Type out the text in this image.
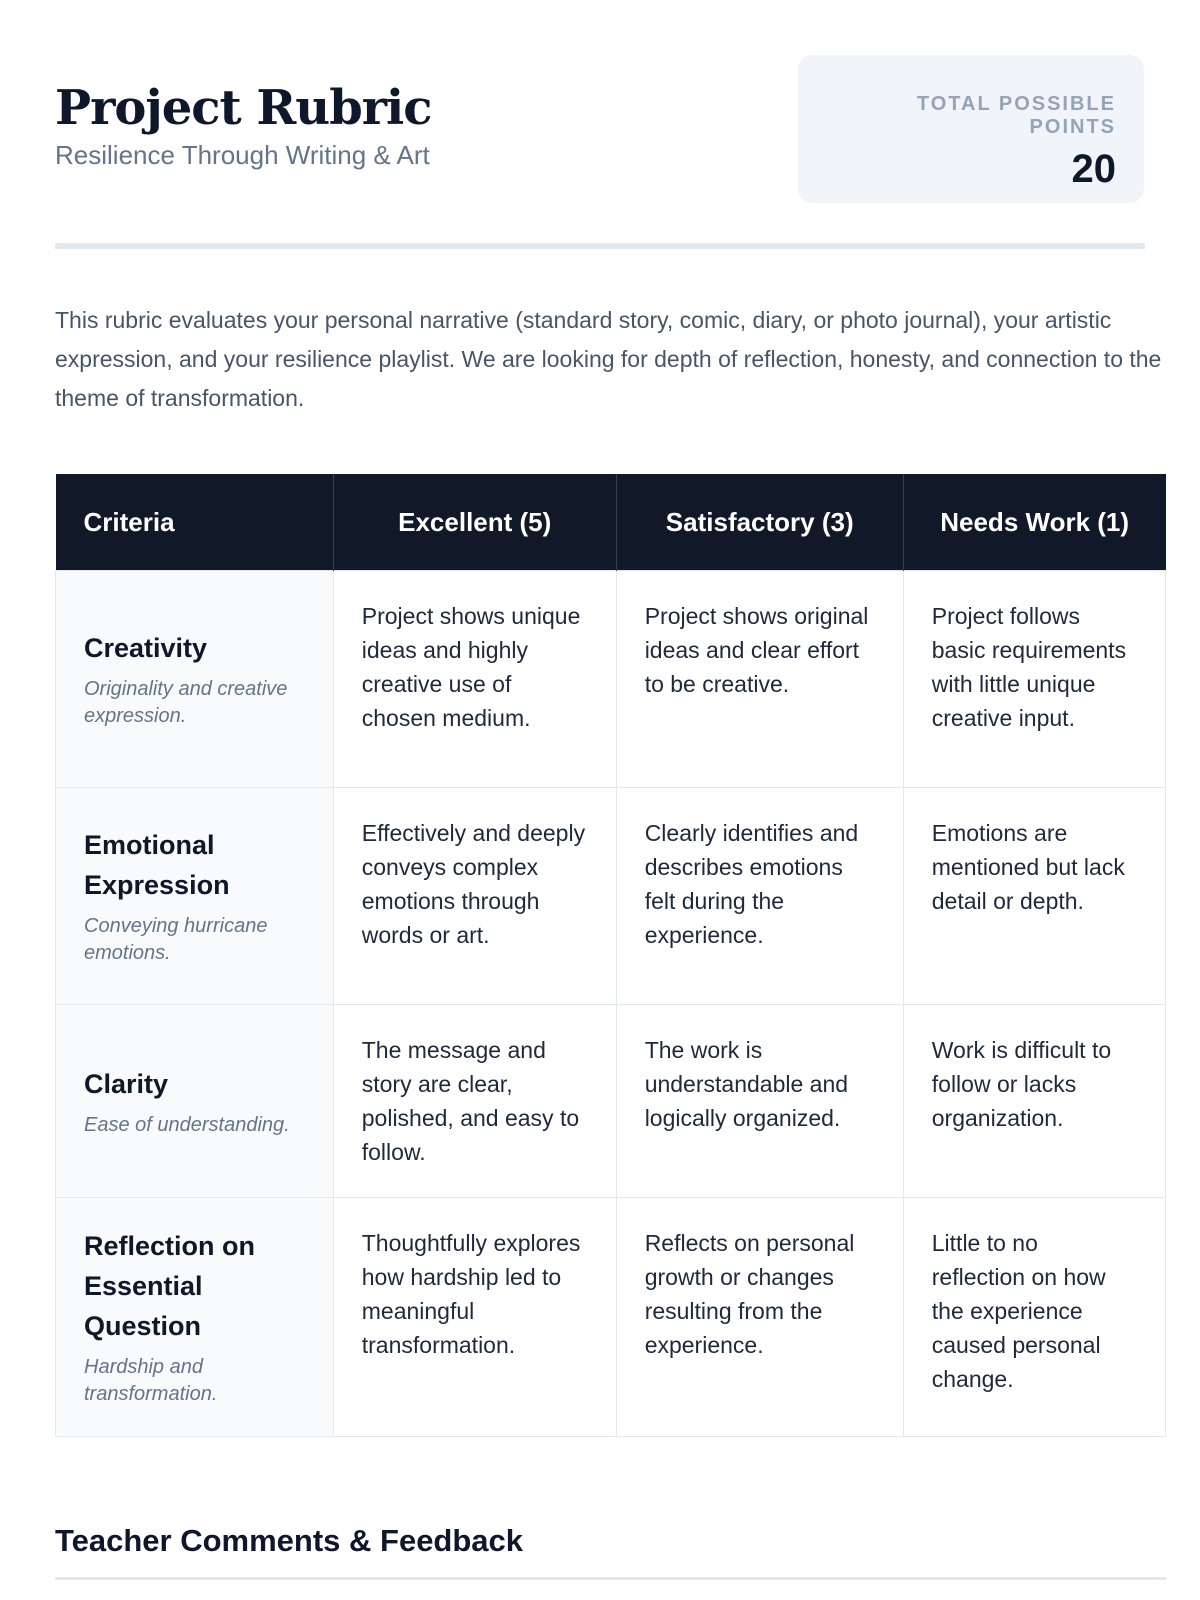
Project Rubric
Resilience Through Writing & Art
TOTAL POSSIBLE POINTS
20

This rubric evaluates your personal narrative (standard story, comic, diary, or photo journal), your artistic expression, and your resilience playlist. We are looking for depth of reflection, honesty, and connection to the theme of transformation.

Criteria	Excellent (5)	Satisfactory (3)	Needs Work (1)

Creativity
Originality and creative expression.	Project shows unique ideas and highly creative use of chosen medium.	Project shows original ideas and clear effort to be creative.	Project follows basic requirements with little unique creative input.

Emotional Expression
Conveying hurricane emotions.	Effectively and deeply conveys complex emotions through words or art.	Clearly identifies and describes emotions felt during the experience.	Emotions are mentioned but lack detail or depth.

Clarity
Ease of understanding.	The message and story are clear, polished, and easy to follow.	The work is understandable and logically organized.	Work is difficult to follow or lacks organization.

Reflection on Essential Question
Hardship and transformation.	Thoughtfully explores how hardship led to meaningful transformation.	Reflects on personal growth or changes resulting from the experience.	Little to no reflection on how the experience caused personal change.
Teacher Comments & Feedback
